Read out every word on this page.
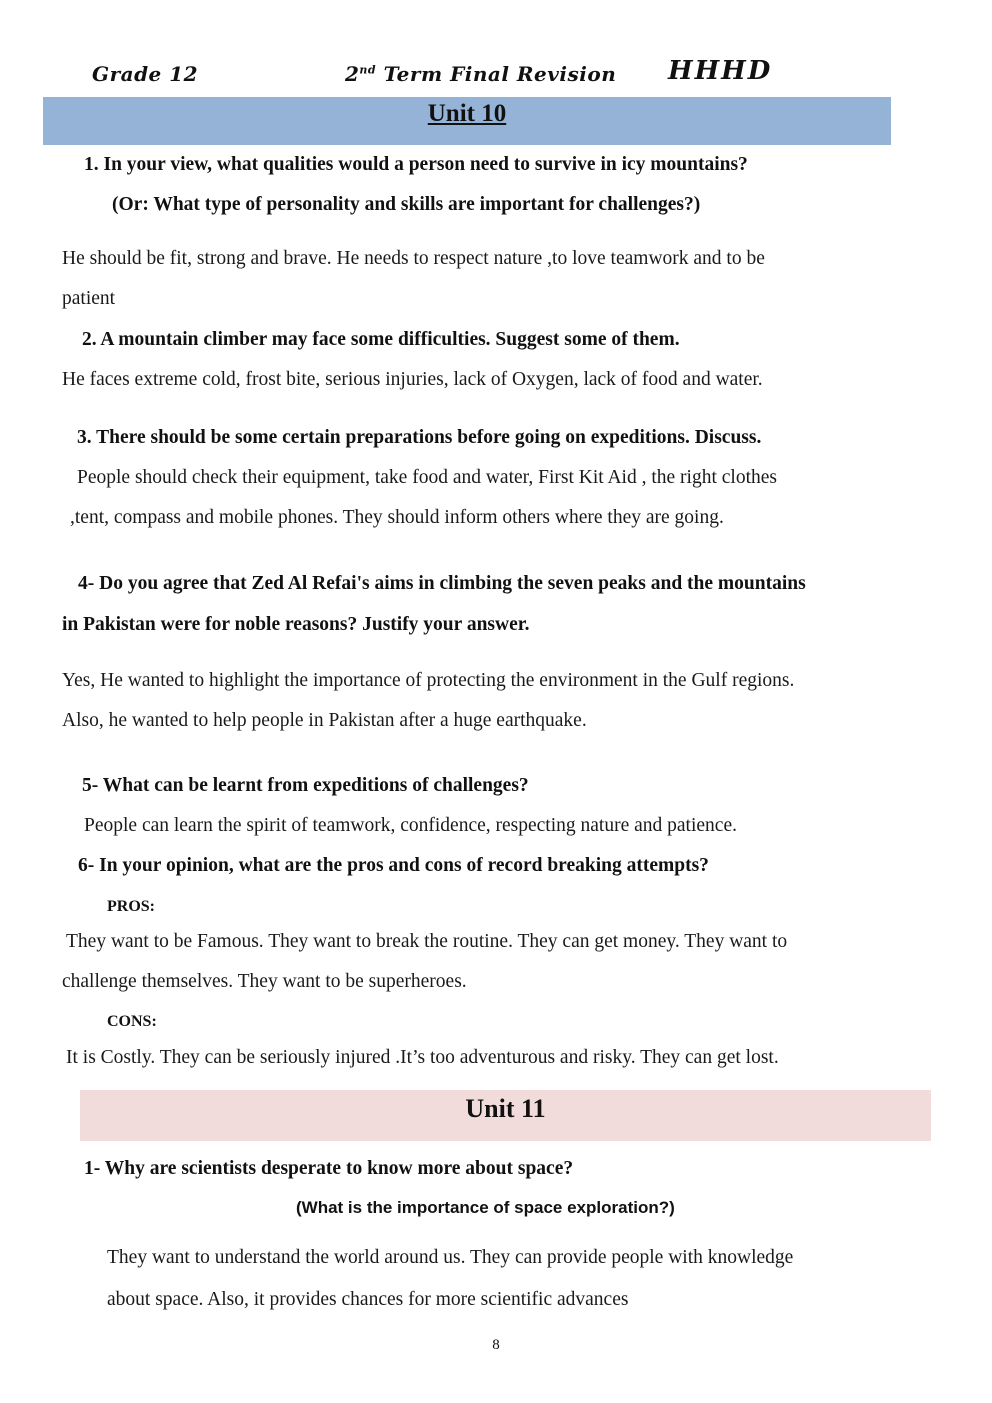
Grade 12	2nd Term Final Revision HHHD
Unit 10
1. In your view, what qualities would a person need to survive in icy mountains?
(Or: What type of personality and skills are important for challenges?)
He should be fit, strong and brave. He needs to respect nature ,to love teamwork and to be
patient
2. A mountain climber may face some difficulties. Suggest some of them.
He faces extreme cold, frost bite, serious injuries, lack of Oxygen, lack of food and water.
3. There should be some certain preparations before going on expeditions. Discuss.
People should check their equipment, take food and water, First Kit Aid , the right clothes
,tent, compass and mobile phones. They should inform others where they are going.
4- Do you agree that Zed Al Refai's aims in climbing the seven peaks and the mountains
in Pakistan were for noble reasons? Justify your answer.
Yes, He wanted to highlight the importance of protecting the environment in the Gulf regions.
Also, he wanted to help people in Pakistan after a huge earthquake.
5- What can be learnt from expeditions of challenges?
People can learn the spirit of teamwork, confidence, respecting nature and patience.
6- In your opinion, what are the pros and cons of record breaking attempts?
PROS:
They want to be Famous. They want to break the routine. They can get money. They want to
challenge themselves. They want to be superheroes.
CONS:
It is Costly. They can be seriously injured .It’s too adventurous and risky. They can get lost.
Unit 11
1- Why are scientists desperate to know more about space?
(What is the importance of space exploration?)
They want to understand the world around us. They can provide people with knowledge
about space. Also, it provides chances for more scientific advances
8
